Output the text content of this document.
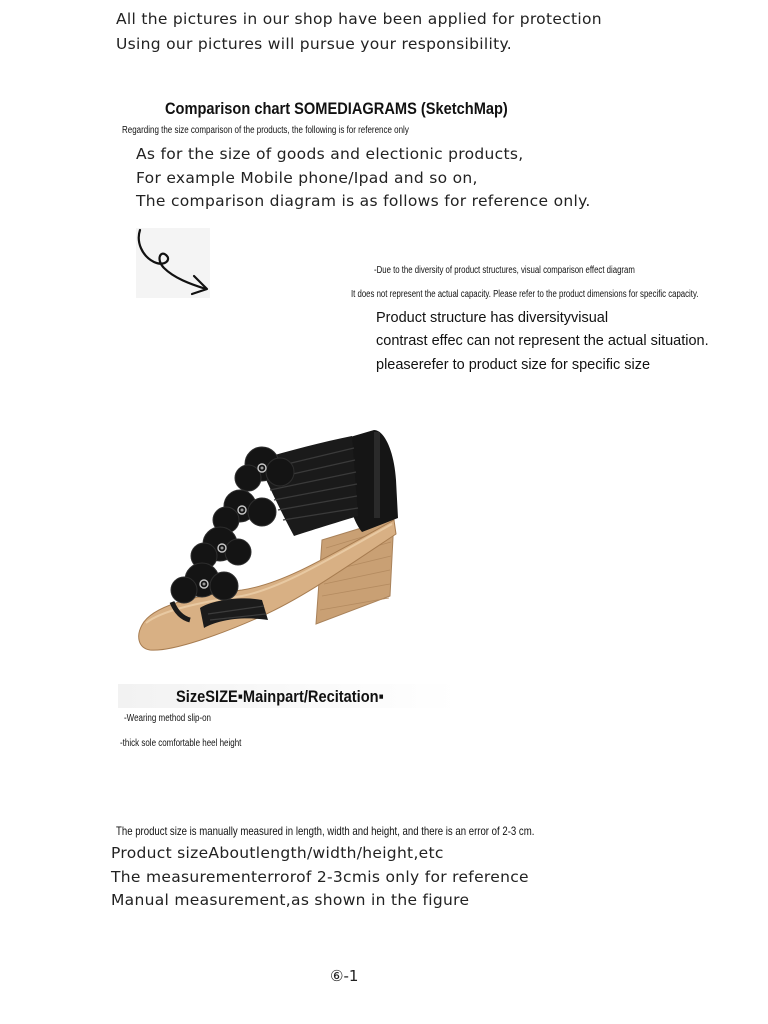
All the pictures in our shop have been applied for protection

Using our pictures will pursue your responsibility.

Comparison chart SOMEDIAGRAMS (SketchMap)

Regarding the size comparison of the products, the following is for reference only

As for the size of goods and electionic products,

For example Mobile phone/Ipad and so on,

The comparison diagram is as follows for reference only.

-Due to the diversity of product structures, visual comparison effect diagram

It does not represent the actual capacity. Please refer to the product dimensions for specific capacity.

Product structure has diversityvisual

contrast effec can not represent the actual situation.

pleaserefer to product size for specific size

SizeSIZE▪Mainpart/Recitation▪

-Wearing method slip-on

-thick sole comfortable heel height

The product size is manually measured in length, width and height, and there is an error of 2-3 cm.

Product sizeAboutlength/width/height,etc

The measurementerrorof 2-3cmis only for reference

Manual measurement,as shown in the figure

⑥-1
